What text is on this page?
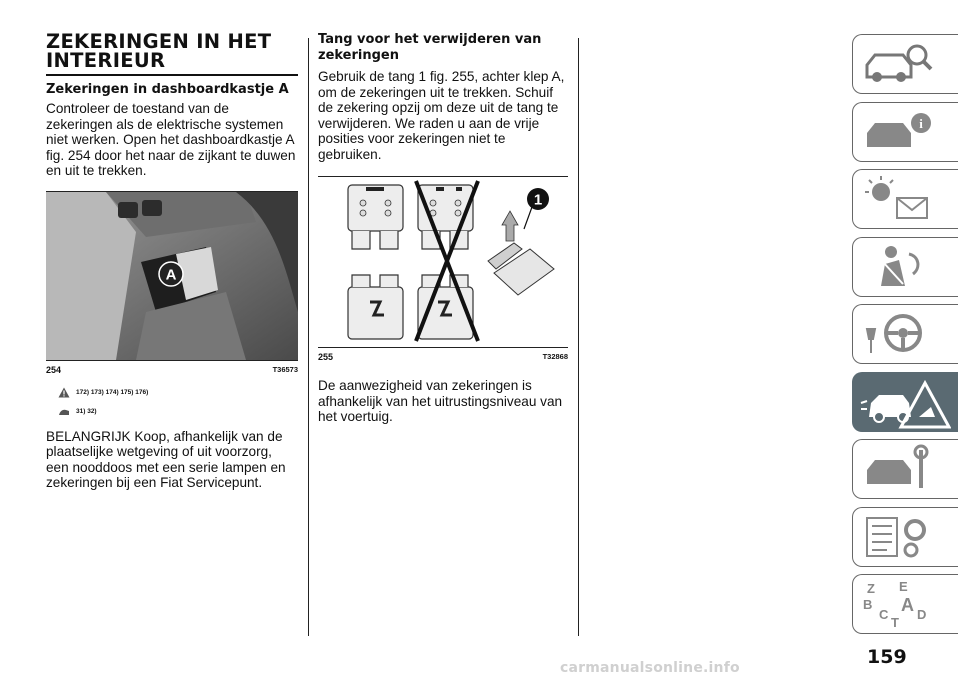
ZEKERINGEN IN HET
INTERIEUR
Zekeringen in dashboardkastje A

Controleer de toestand van de zekeringen als de elektrische systemen niet werken. Open het dashboardkastje A fig. 254 door het naar de zijkant te duwen en uit te trekken.

A
254	T36573
172) 173) 174) 175) 176)
31) 32)

BELANGRIJK Koop, afhankelijk van de plaatselijke wetgeving of uit voorzorg, een nooddoos met een serie lampen en zekeringen bij een Fiat Servicepunt.

Tang voor het verwijderen van zekeringen

Gebruik de tang 1 fig. 255, achter klep A, om de zekeringen uit te trekken. Schuif de zekering opzij om deze uit de tang te verwijderen. We raden u aan de vrije posities voor zekeringen niet te gebruiken.

1
255	T32868

De aanwezigheid van zekeringen is afhankelijk van het uitrustingsniveau van het voertuig.

i
Z E
B A
C D
T
159
carmanualsonline.info
